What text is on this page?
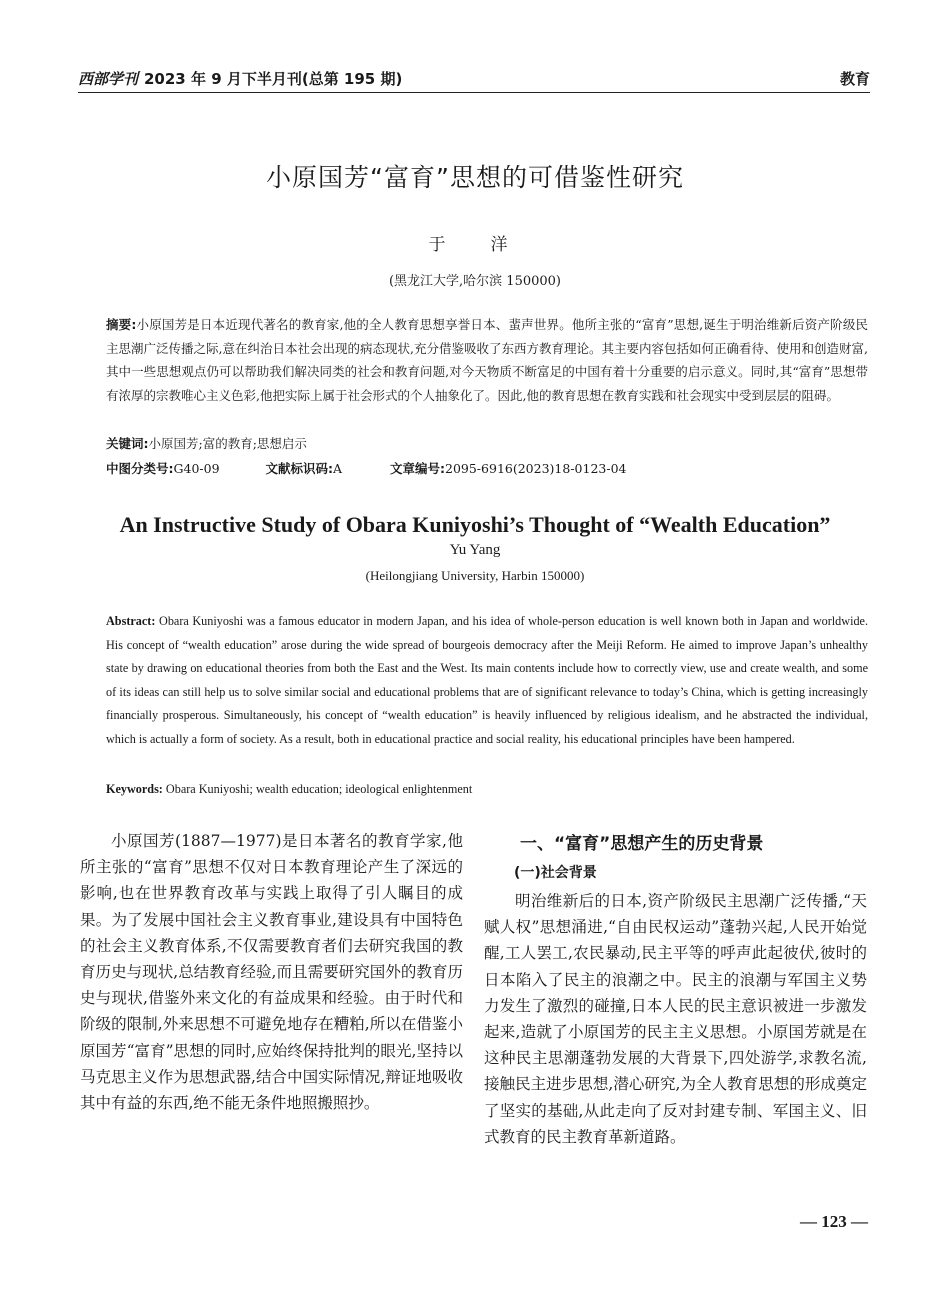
西部学刊 2023 年 9 月下半月刊(总第 195 期)	教育
小原国芳“富育”思想的可借鉴性研究
于　洋
(黑龙江大学,哈尔滨 150000)
摘要:小原国芳是日本近现代著名的教育家,他的全人教育思想享誉日本、蜚声世界。他所主张的“富育”思想,诞生于明治维新后资产阶级民主思潮广泛传播之际,意在纠治日本社会出现的病态现状,充分借鉴吸收了东西方教育理论。其主要内容包括如何正确看待、使用和创造财富,其中一些思想观点仍可以帮助我们解决同类的社会和教育问题,对今天物质不断富足的中国有着十分重要的启示意义。同时,其“富育”思想带有浓厚的宗教唯心主义色彩,他把实际上属于社会形式的个人抽象化了。因此,他的教育思想在教育实践和社会现实中受到层层的阻碍。
关键词:小原国芳;富的教育;思想启示
中图分类号:G40-09	文献标识码:A	文章编号:2095-6916(2023)18-0123-04
An Instructive Study of Obara Kuniyoshi’s Thought of “Wealth Education”
Yu Yang
(Heilongjiang University, Harbin 150000)
Abstract: Obara Kuniyoshi was a famous educator in modern Japan, and his idea of whole-person education is well known both in Japan and worldwide. His concept of “wealth education” arose during the wide spread of bourgeois democracy after the Meiji Reform. He aimed to improve Japan’s unhealthy state by drawing on educational theories from both the East and the West. Its main contents include how to correctly view, use and create wealth, and some of its ideas can still help us to solve similar social and educational problems that are of significant relevance to today’s China, which is getting increasingly financially prosperous. Simultaneously, his concept of “wealth education” is heavily influenced by religious idealism, and he abstracted the individual, which is actually a form of society. As a result, both in educational practice and social reality, his educational principles have been hampered.
Keywords: Obara Kuniyoshi; wealth education; ideological enlightenment

小原国芳(1887—1977)是日本著名的教育学家,他所主张的“富育”思想不仅对日本教育理论产生了深远的影响,也在世界教育改革与实践上取得了引人瞩目的成果。为了发展中国社会主义教育事业,建设具有中国特色的社会主义教育体系,不仅需要教育者们去研究我国的教育历史与现状,总结教育经验,而且需要研究国外的教育历史与现状,借鉴外来文化的有益成果和经验。由于时代和阶级的限制,外来思想不可避免地存在糟粕,所以在借鉴小原国芳“富育”思想的同时,应始终保持批判的眼光,坚持以马克思主义作为思想武器,结合中国实际情况,辩证地吸收其中有益的东西,绝不能无条件地照搬照抄。

一、“富育”思想产生的历史背景
(一)社会背景

明治维新后的日本,资产阶级民主思潮广泛传播,“天赋人权”思想涌进,“自由民权运动”蓬勃兴起,人民开始觉醒,工人罢工,农民暴动,民主平等的呼声此起彼伏,彼时的日本陷入了民主的浪潮之中。民主的浪潮与军国主义势力发生了激烈的碰撞,日本人民的民主意识被进一步激发起来,造就了小原国芳的民主主义思想。小原国芳就是在这种民主思潮蓬勃发展的大背景下,四处游学,求教名流,接触民主进步思想,潜心研究,为全人教育思想的形成奠定了坚实的基础,从此走向了反对封建专制、军国主义、旧式教育的民主教育革新道路。

— 123 —
